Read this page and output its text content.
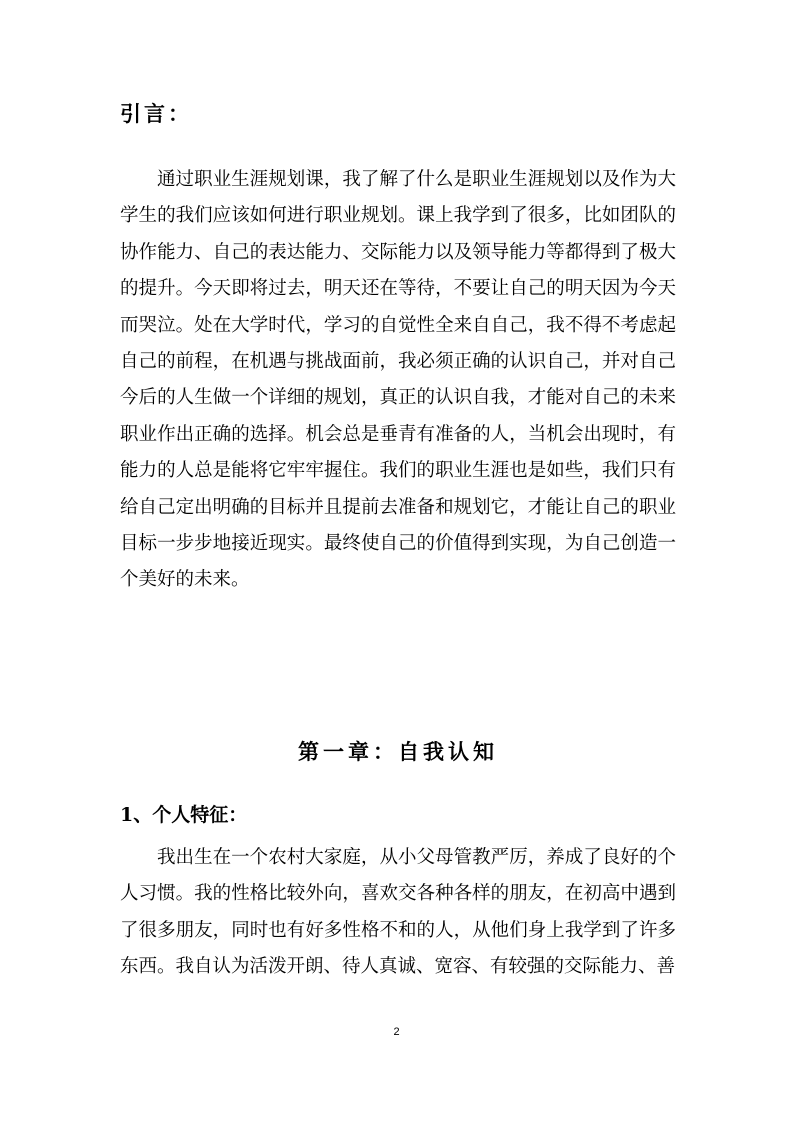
引言：

通过职业生涯规划课，我了解了什么是职业生涯规划以及作为大学生的我们应该如何进行职业规划。课上我学到了很多，比如团队的协作能力、自己的表达能力、交际能力以及领导能力等都得到了极大的提升。今天即将过去，明天还在等待，不要让自己的明天因为今天而哭泣。处在大学时代，学习的自觉性全来自自己，我不得不考虑起自己的前程，在机遇与挑战面前，我必须正确的认识自己，并对自己今后的人生做一个详细的规划，真正的认识自我，才能对自己的未来职业作出正确的选择。机会总是垂青有准备的人，当机会出现时，有能力的人总是能将它牢牢握住。我们的职业生涯也是如些，我们只有给自己定出明确的目标并且提前去准备和规划它，才能让自己的职业目标一步步地接近现实。最终使自己的价值得到实现，为自己创造一个美好的未来。

第一章：自我认知
1、个人特征：

我出生在一个农村大家庭，从小父母管教严厉，养成了良好的个人习惯。我的性格比较外向，喜欢交各种各样的朋友，在初高中遇到了很多朋友，同时也有好多性格不和的人，从他们身上我学到了许多东西。我自认为活泼开朗、待人真诚、宽容、有较强的交际能力、善

2
